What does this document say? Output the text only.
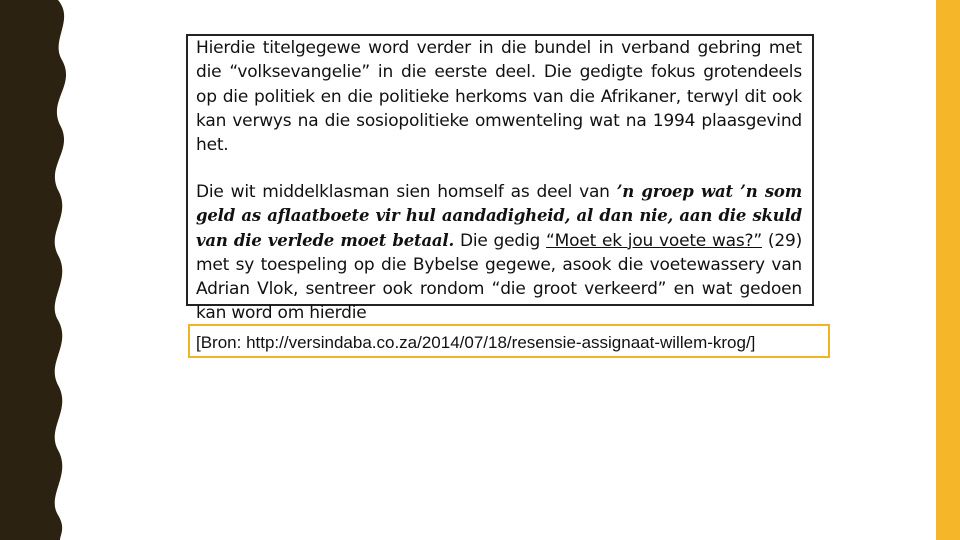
Hierdie titelgegewe word verder in die bundel in verband gebring met die “volksevangelie” in die eerste deel. Die gedigte fokus grotendeels op die politiek en die politieke herkoms van die Afrikaner, terwyl dit ook kan verwys na die sosiopolitieke omwenteling wat na 1994 plaasgevind het.

Die wit middelklasman sien homself as deel van ’n groep wat ’n som geld as aflaatboete vir hul aandadigheid, al dan nie, aan die skuld van die verlede moet betaal. Die gedig “Moet ek jou voete was?” (29) met sy toespeling op die Bybelse gegewe, asook die voetewassery van Adrian Vlok, sentreer ook rondom “die groot verkeerd” en wat gedoen kan word om hierdie

[Bron: http://versindaba.co.za/2014/07/18/resensie-assignaat-willem-krog/]
